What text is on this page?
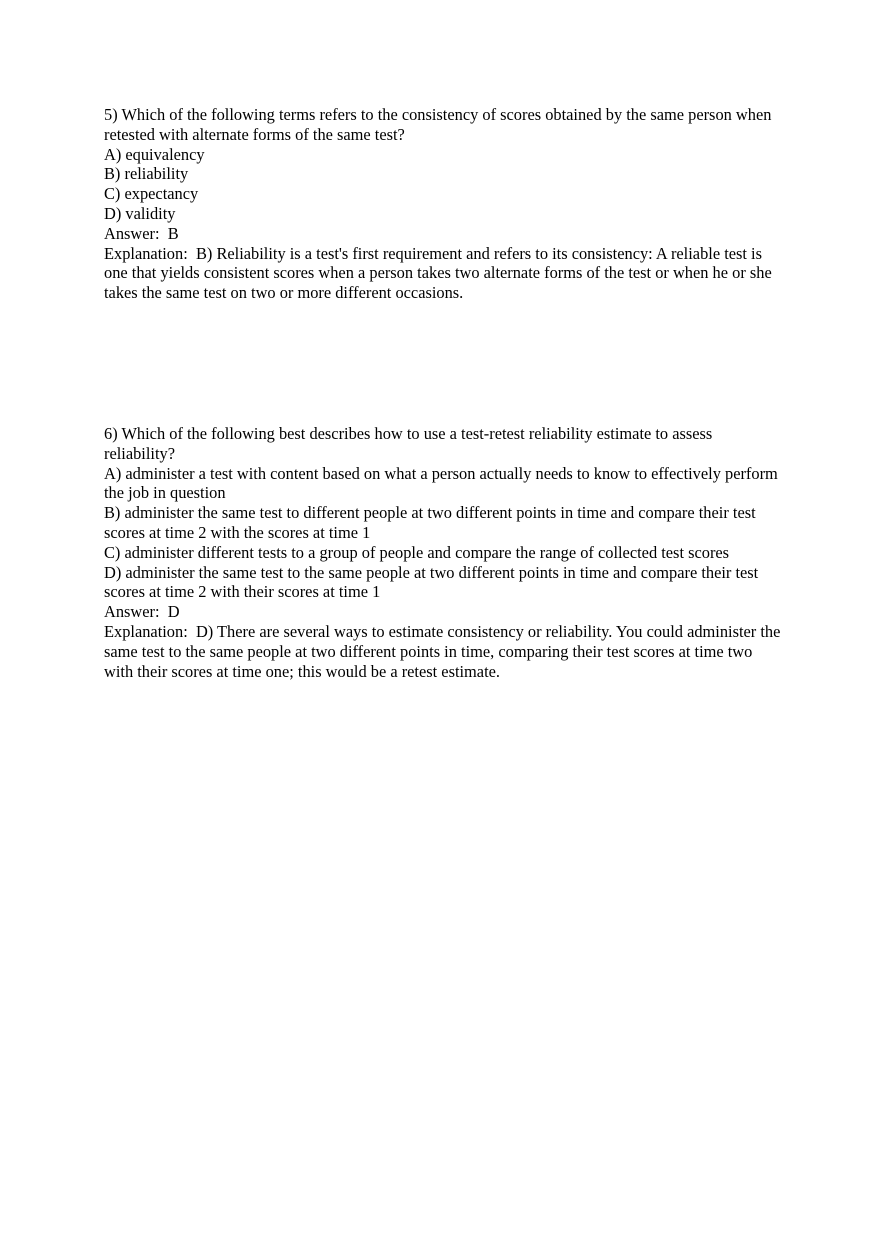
5) Which of the following terms refers to the consistency of scores obtained by the same person when retested with alternate forms of the same test?
A) equivalency
B) reliability
C) expectancy
D) validity
Answer:  B
Explanation:  B) Reliability is a test's first requirement and refers to its consistency: A reliable test is one that yields consistent scores when a person takes two alternate forms of the test or when he or she takes the same test on two or more different occasions.
6) Which of the following best describes how to use a test-retest reliability estimate to assess reliability?
A) administer a test with content based on what a person actually needs to know to effectively perform the job in question
B) administer the same test to different people at two different points in time and compare their test scores at time 2 with the scores at time 1
C) administer different tests to a group of people and compare the range of collected test scores
D) administer the same test to the same people at two different points in time and compare their test scores at time 2 with their scores at time 1
Answer:  D
Explanation:  D) There are several ways to estimate consistency or reliability. You could administer the same test to the same people at two different points in time, comparing their test scores at time two with their scores at time one; this would be a retest estimate.
